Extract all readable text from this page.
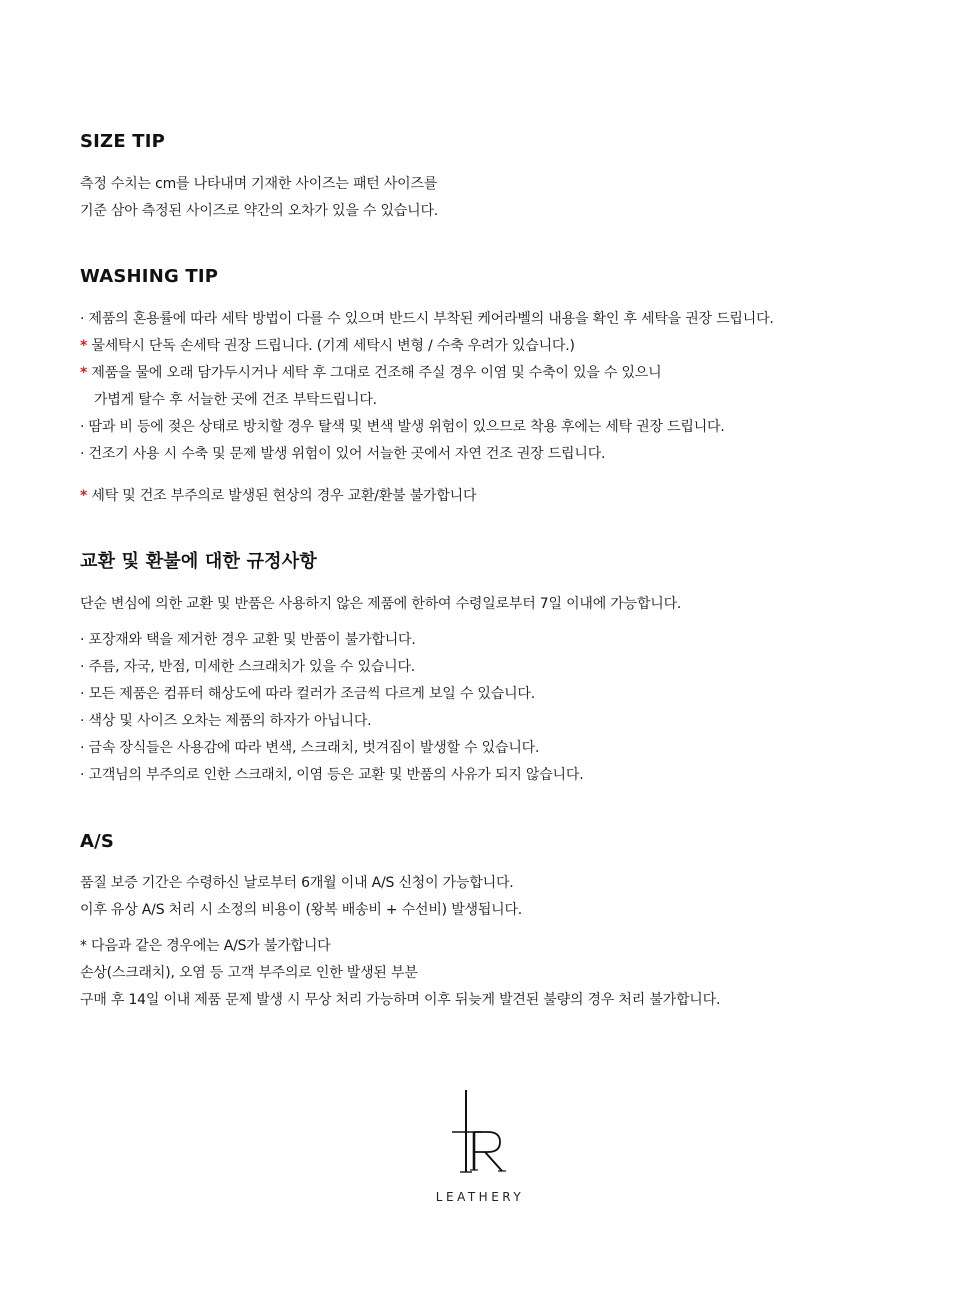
SIZE TIP
측정 수치는 cm를 나타내며 기재한 사이즈는 패턴 사이즈를
기준 삼아 측정된 사이즈로 약간의 오차가 있을 수 있습니다.
WASHING TIP
· 제품의 혼용률에 따라 세탁 방법이 다를 수 있으며 반드시 부착된 케어라벨의 내용을 확인 후 세탁을 권장 드립니다.
* 물세탁시 단독 손세탁 권장 드립니다. (기계 세탁시 변형 / 수축 우려가 있습니다.)
* 제품을 물에 오래 담가두시거나 세탁 후 그대로 건조해 주실 경우 이염 및 수축이 있을 수 있으니
가볍게 탈수 후 서늘한 곳에 건조 부탁드립니다.
· 땀과 비 등에 젖은 상태로 방치할 경우 탈색 및 변색 발생 위험이 있으므로 착용 후에는 세탁 권장 드립니다.
· 건조기 사용 시 수축 및 문제 발생 위험이 있어 서늘한 곳에서 자연 건조 권장 드립니다.
* 세탁 및 건조 부주의로 발생된 현상의 경우 교환/환불 불가합니다
교환 및 환불에 대한 규정사항
단순 변심에 의한 교환 및 반품은 사용하지 않은 제품에 한하여 수령일로부터 7일 이내에 가능합니다.
· 포장재와 택을 제거한 경우 교환 및 반품이 불가합니다.
· 주름, 자국, 반점, 미세한 스크래치가 있을 수 있습니다.
· 모든 제품은 컴퓨터 해상도에 따라 컬러가 조금씩 다르게 보일 수 있습니다.
· 색상 및 사이즈 오차는 제품의 하자가 아닙니다.
· 금속 장식들은 사용감에 따라 변색, 스크래치, 벗겨짐이 발생할 수 있습니다.
· 고객님의 부주의로 인한 스크래치, 이염 등은 교환 및 반품의 사유가 되지 않습니다.
A/S
품질 보증 기간은 수령하신 날로부터 6개월 이내 A/S 신청이 가능합니다.
이후 유상 A/S 처리 시 소정의 비용이 (왕복 배송비 + 수선비) 발생됩니다.
* 다음과 같은 경우에는 A/S가 불가합니다
손상(스크래치), 오염 등 고객 부주의로 인한 발생된 부분
구매 후 14일 이내 제품 문제 발생 시 무상 처리 가능하며 이후 뒤늦게 발견된 불량의 경우 처리 불가합니다.
LEATHERY
